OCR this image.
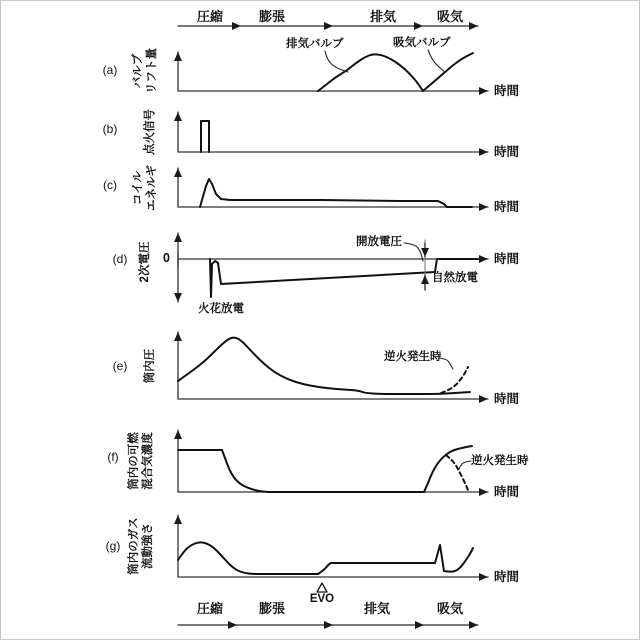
圧縮	膨張	排気	吸気
圧縮	膨張	排気	吸気
(a)
(b)
(c)
(d)
(e)
(f)
(g)
バルブ
リフト量
点火信号
コイル
エネルギ
2次電圧
筒内圧
筒内の可燃
混合気濃度
筒内のガス
流動強さ
時間
時間
時間
時間
時間
時間
時間
0
排気バルブ	吸気バルブ
開放電圧
自然放電
火花放電
逆火発生時
逆火発生時
EVO
